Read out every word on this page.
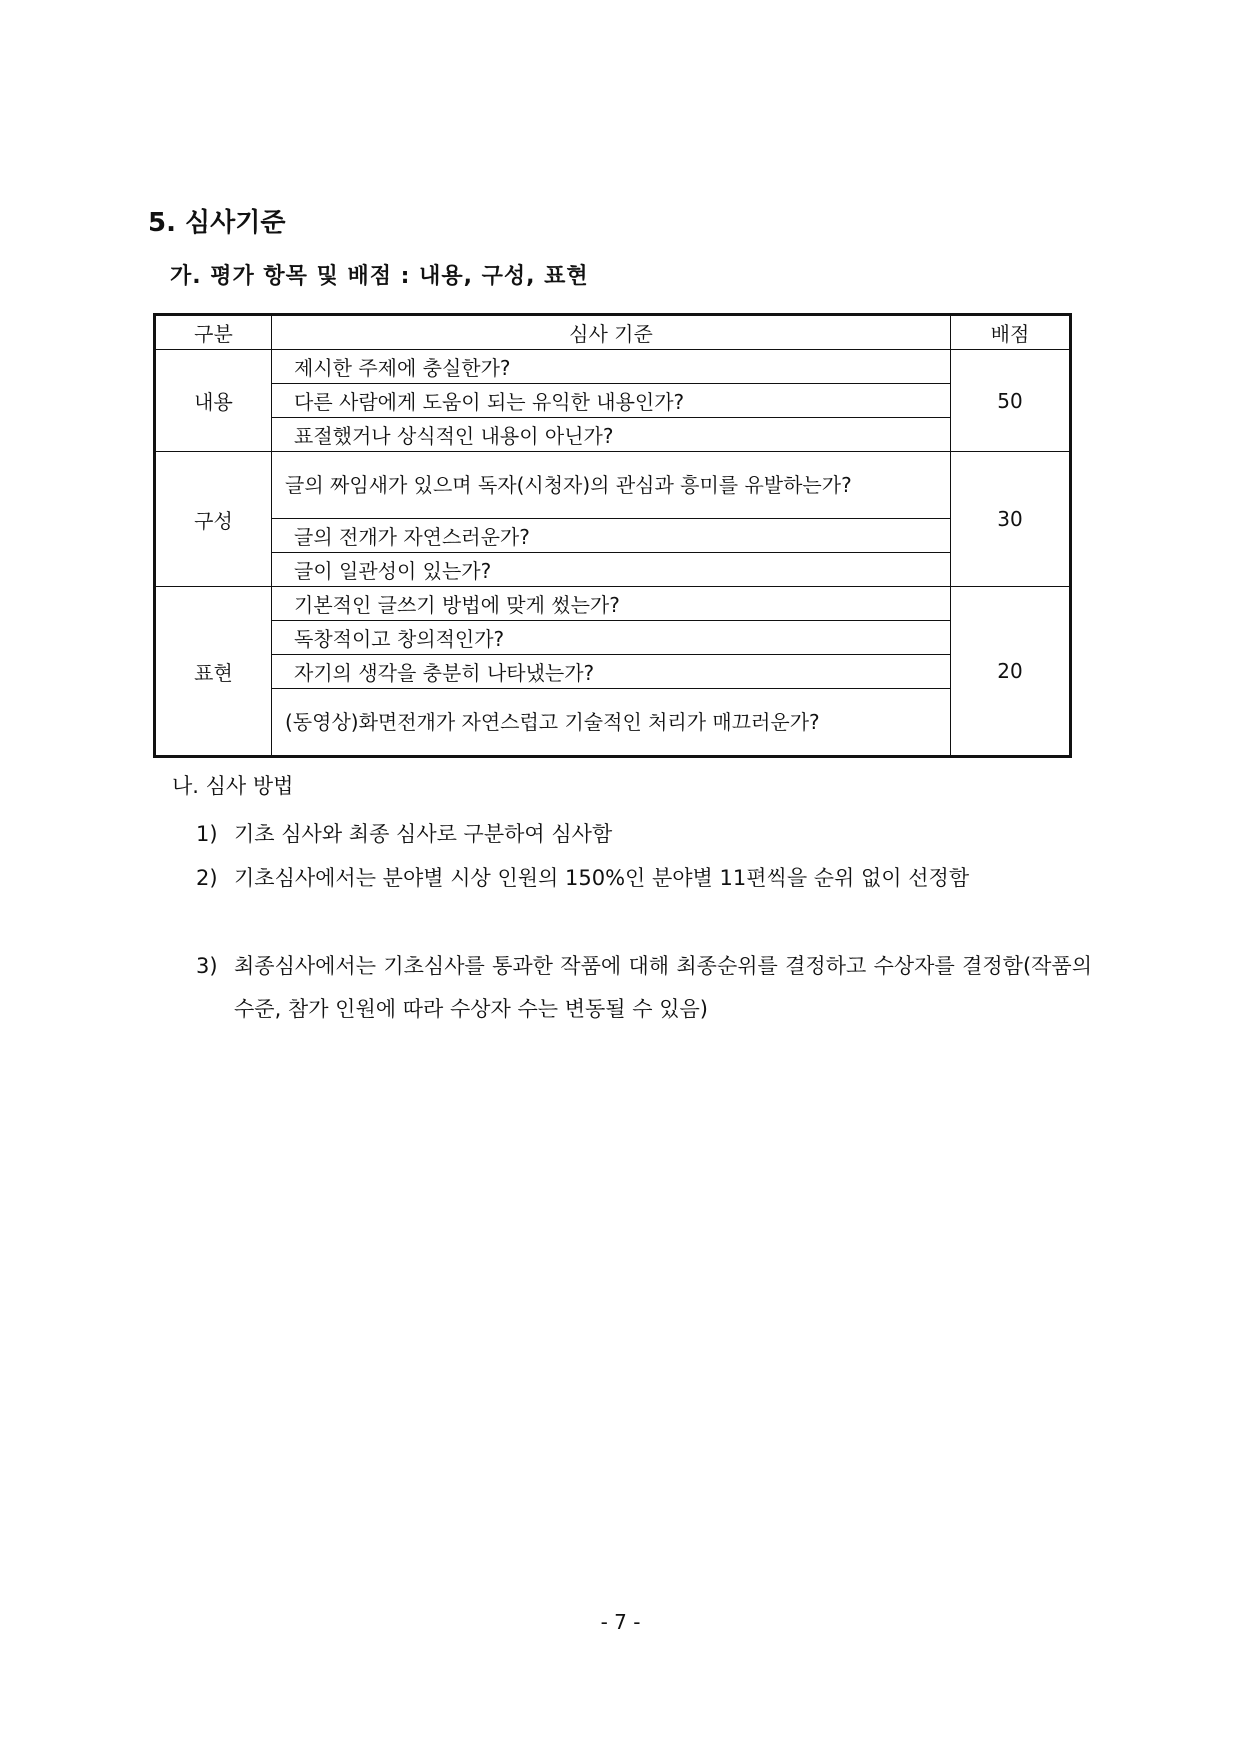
5. 심사기준
가. 평가 항목 및 배점 : 내용, 구성, 표현
구분	심사 기준	배점
내용	제시한 주제에 충실한가?	50
	다른 사람에게 도움이 되는 유익한 내용인가?	
	표절했거나 상식적인 내용이 아닌가?	
구성	글의 짜임새가 있으며 독자(시청자)의 관심과 흥미를 유발하는가?	30
	글의 전개가 자연스러운가?	
	글이 일관성이 있는가?	
표현	기본적인 글쓰기 방법에 맞게 썼는가?	20
	독창적이고 창의적인가?	
	자기의 생각을 충분히 나타냈는가?	
	(동영상)화면전개가 자연스럽고 기술적인 처리가 매끄러운가?	
나. 심사 방법
1) 기초 심사와 최종 심사로 구분하여 심사함
2) 기초심사에서는 분야별 시상 인원의 150%인 분야별 11편씩을 순위 없이 선정함
3) 최종심사에서는 기초심사를 통과한 작품에 대해 최종순위를 결정하고 수상자를 결정함(작품의 수준, 참가 인원에 따라 수상자 수는 변동될 수 있음)
- 7 -
